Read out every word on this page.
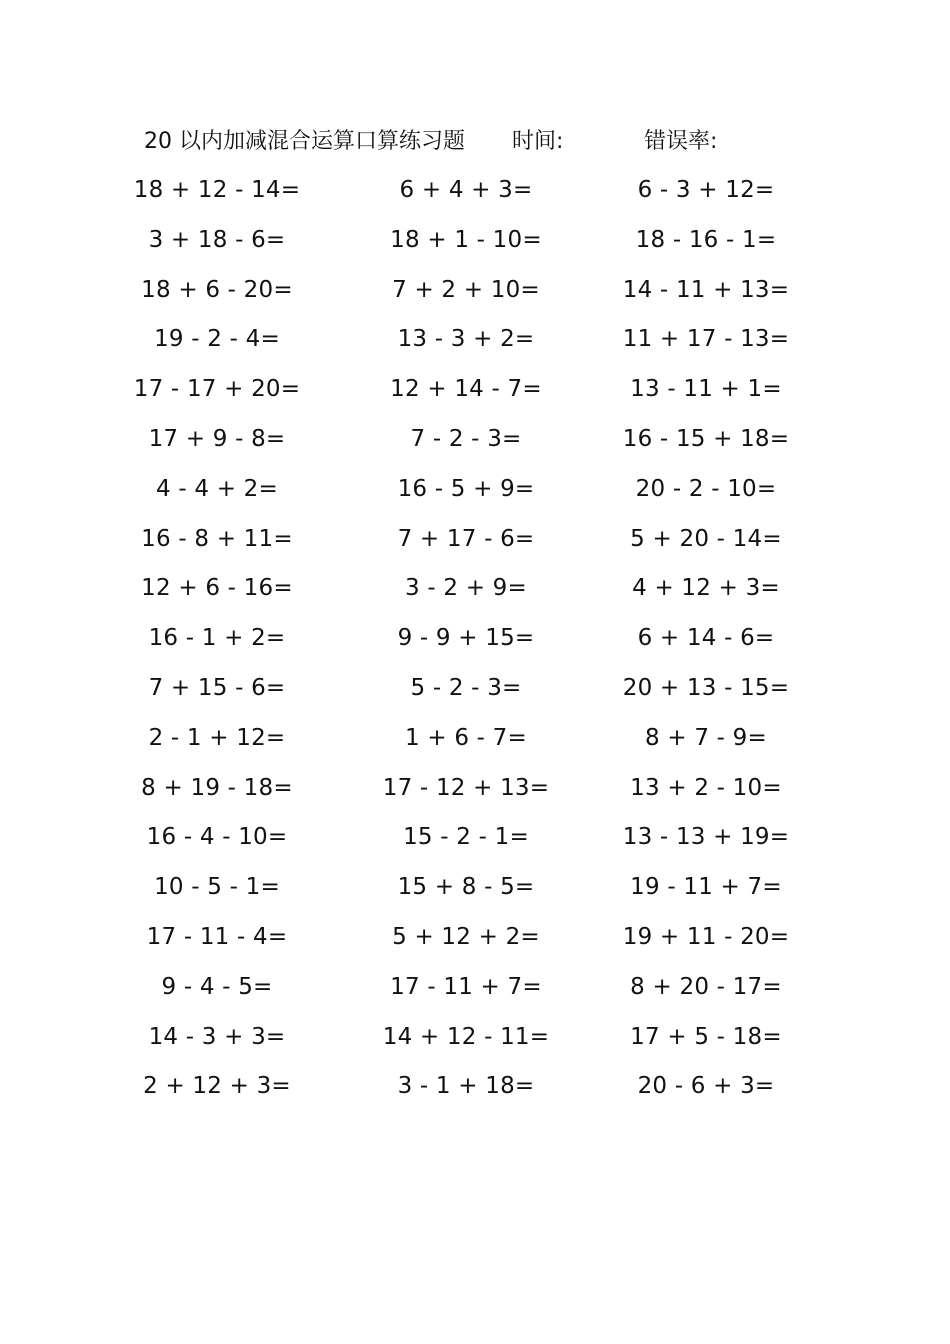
20 以内加减混合运算口算练习题 时间:	错误率:
18 + 12 - 14=	6 + 4 + 3=	6 - 3 + 12=
3 + 18 - 6=	18 + 1 - 10=	18 - 16 - 1=
18 + 6 - 20=	7 + 2 + 10=	14 - 11 + 13=
19 - 2 - 4=	13 - 3 + 2=	11 + 17 - 13=
17 - 17 + 20=	12 + 14 - 7=	13 - 11 + 1=
17 + 9 - 8=	7 - 2 - 3=	16 - 15 + 18=
4 - 4 + 2=	16 - 5 + 9=	20 - 2 - 10=
16 - 8 + 11=	7 + 17 - 6=	5 + 20 - 14=
12 + 6 - 16=	3 - 2 + 9=	4 + 12 + 3=
16 - 1 + 2=	9 - 9 + 15=	6 + 14 - 6=
7 + 15 - 6=	5 - 2 - 3=	20 + 13 - 15=
2 - 1 + 12=	1 + 6 - 7=	8 + 7 - 9=
8 + 19 - 18=	17 - 12 + 13=	13 + 2 - 10=
16 - 4 - 10=	15 - 2 - 1=	13 - 13 + 19=
10 - 5 - 1=	15 + 8 - 5=	19 - 11 + 7=
17 - 11 - 4=	5 + 12 + 2=	19 + 11 - 20=
9 - 4 - 5=	17 - 11 + 7=	8 + 20 - 17=
14 - 3 + 3=	14 + 12 - 11=	17 + 5 - 18=
2 + 12 + 3=	3 - 1 + 18=	20 - 6 + 3=
